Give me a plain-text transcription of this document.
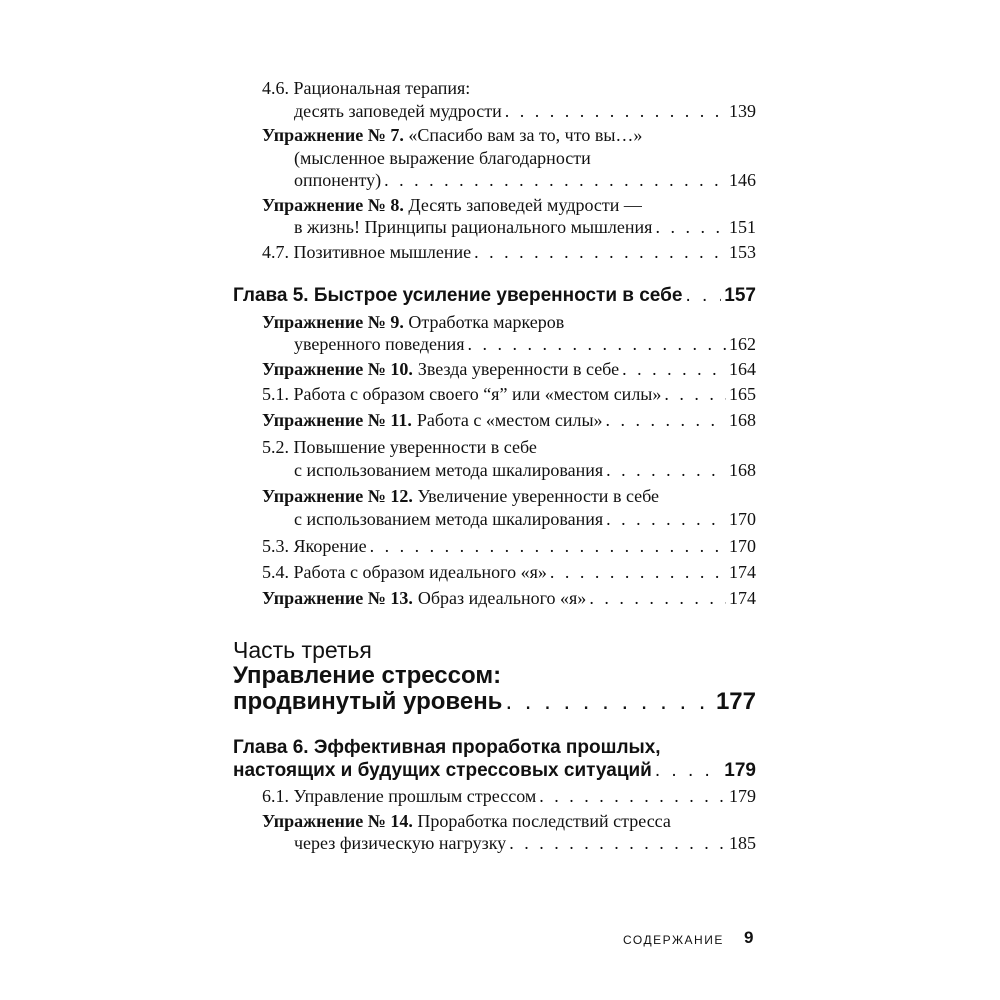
4.6. Рациональная терапия:
десять заповедей мудрости . . .	139
Упражнение № 7. «Спасибо вам за то, что вы…»
(мысленное выражение благодарности
оппоненту) . . .	146
Упражнение № 8. Десять заповедей мудрости —
в жизнь! Принципы рационального мышления . . .	151
4.7. Позитивное мышление . . .	153
Глава 5. Быстрое усиление уверенности в себе . . . 157
Упражнение № 9. Отработка маркеров
уверенного поведения . . .	162
Упражнение № 10. Звезда уверенности в себе . . .	164
5.1. Работа с образом своего “я” или «местом силы» . . .	165
Упражнение № 11. Работа с «местом силы» . . .	168
5.2. Повышение уверенности в себе
с использованием метода шкалирования . . .	168
Упражнение № 12. Увеличение уверенности в себе
с использованием метода шкалирования . . .	170
5.3. Якорение . . .	170
5.4. Работа с образом идеального «я» . . .	174
Упражнение № 13. Образ идеального «я» . . .	174
Часть третья
Управление стрессом:
продвинутый уровень . . .	177
Глава 6. Эффективная проработка прошлых,
настоящих и будущих стрессовых ситуаций . . .	179
6.1. Управление прошлым стрессом . . .	179
Упражнение № 14. Проработка последствий стресса
через физическую нагрузку . . .	185
СОДЕРЖАНИЕ 9
